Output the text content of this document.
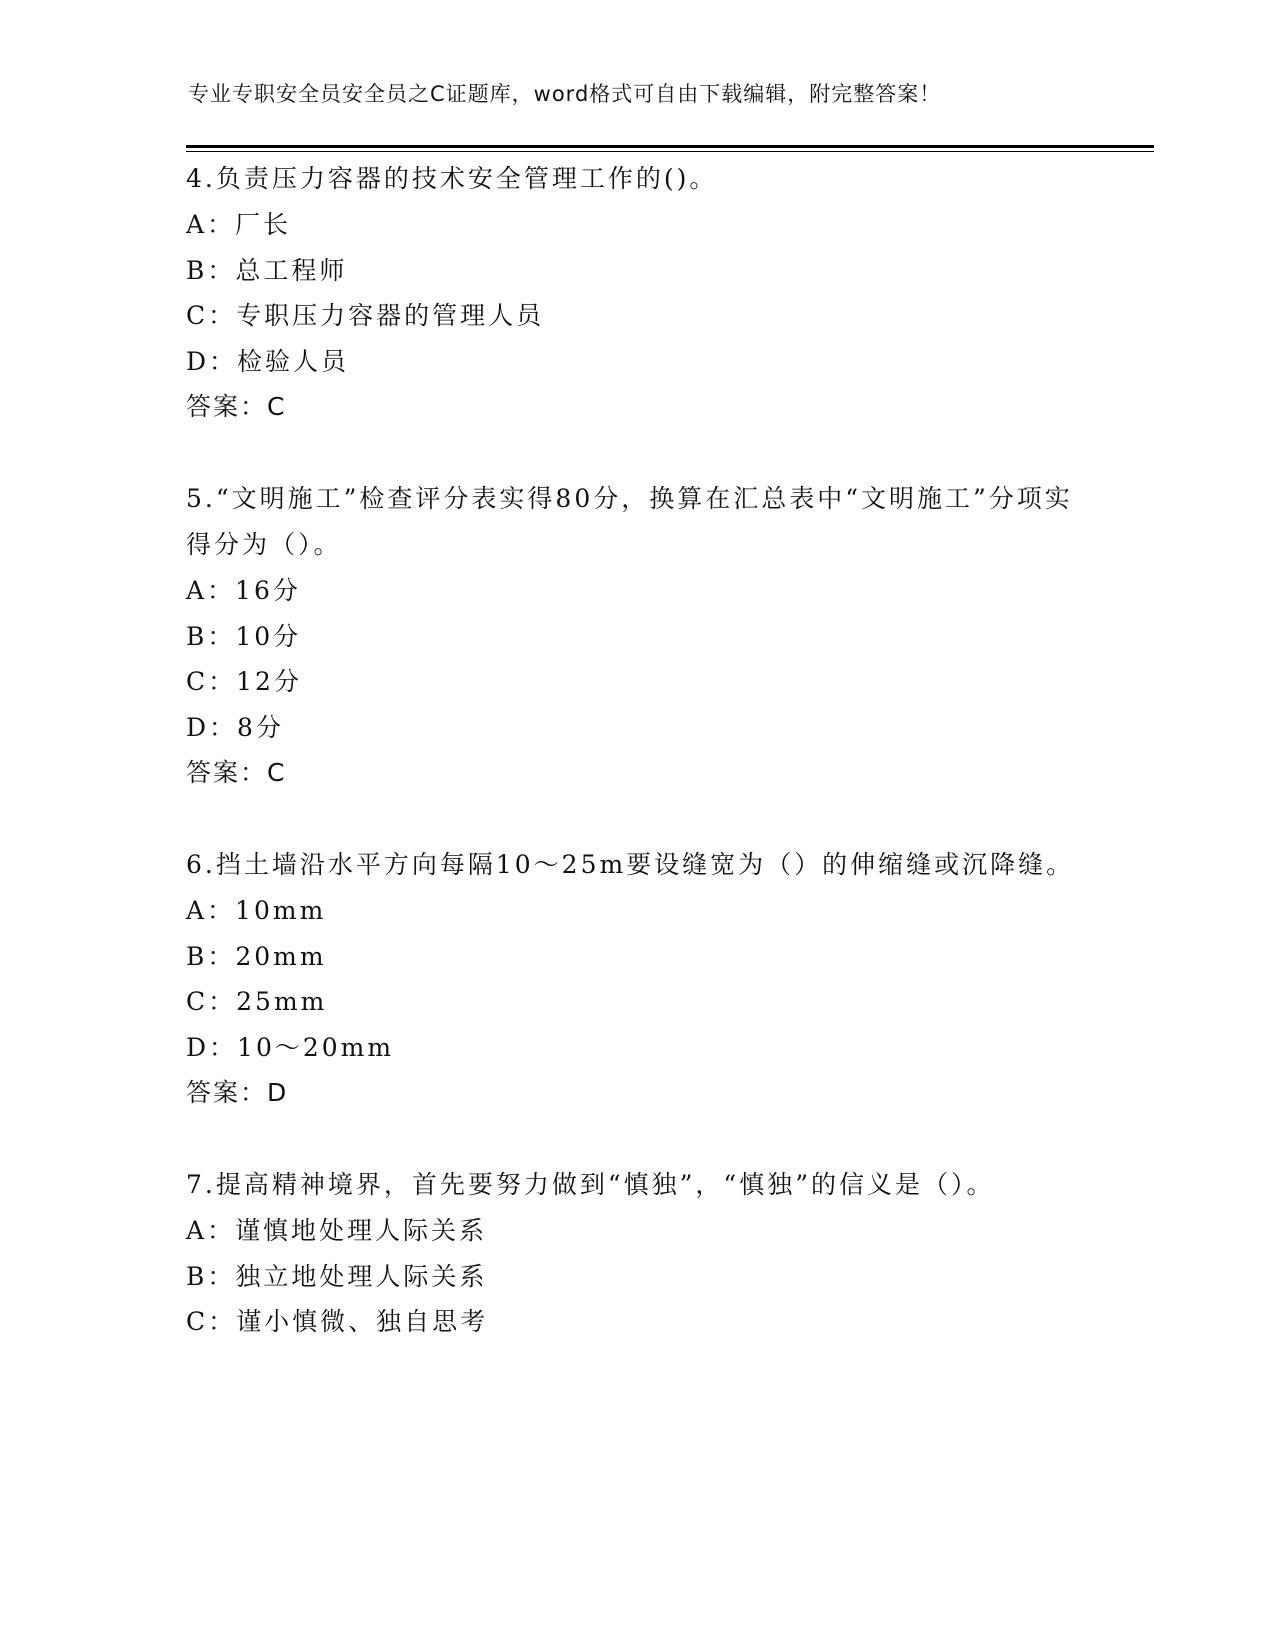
专业专职安全员安全员之C证题库，word格式可自由下载编辑，附完整答案！

4.负责压力容器的技术安全管理工作的()。

A：厂长

B：总工程师

C：专职压力容器的管理人员

D：检验人员

答案：C

5.“文明施工”检查评分表实得80分，换算在汇总表中“文明施工”分项实得分为（）。

A：16分

B：10分

C：12分

D：8分

答案：C

6.挡土墙沿水平方向每隔10～25m要设缝宽为（）的伸缩缝或沉降缝。

A：10mm

B：20mm

C：25mm

D：10～20mm

答案：D

7.提高精神境界，首先要努力做到“慎独”，“慎独”的信义是（）。

A：谨慎地处理人际关系

B：独立地处理人际关系

C：谨小慎微、独自思考
